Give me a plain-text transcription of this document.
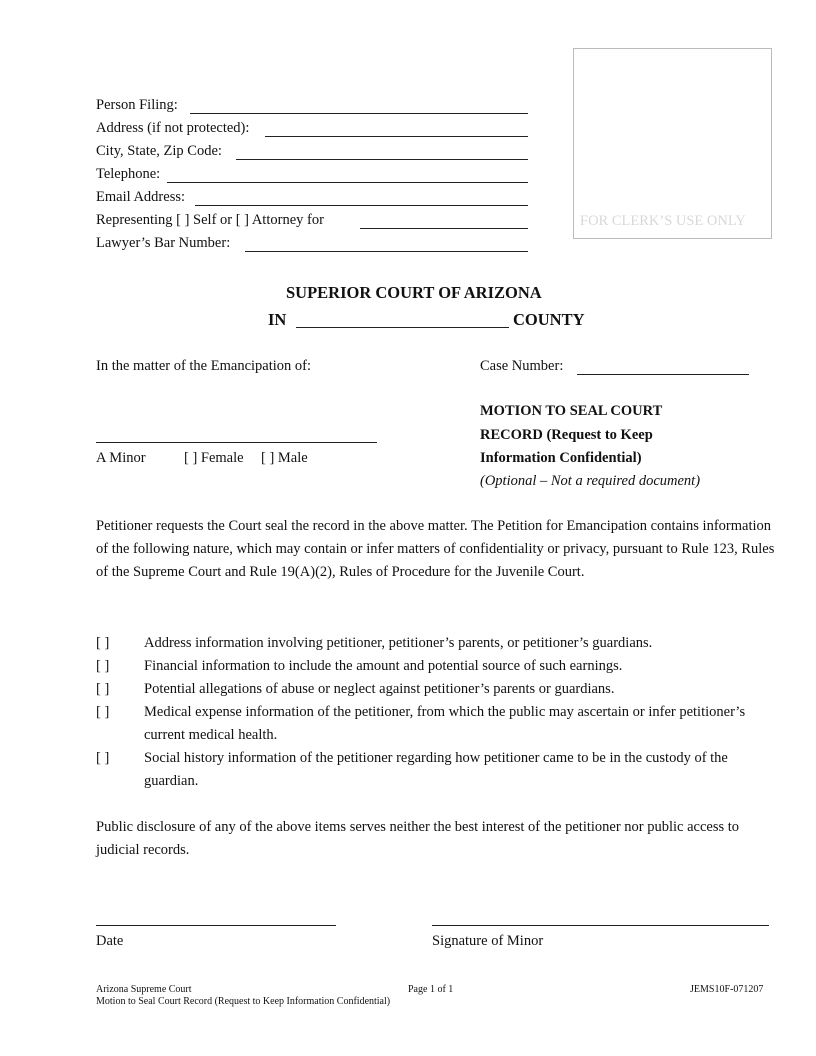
FOR CLERK’S USE ONLY
Person Filing:
Address (if not protected):
City, State, Zip Code:
Telephone:
Email Address:
Representing [ ] Self or [ ] Attorney for
Lawyer’s Bar Number:
SUPERIOR COURT OF ARIZONA
IN	COUNTY
In the matter of the Emancipation of:	Case Number:
A Minor	[ ] Female [ ] Male
MOTION TO SEAL COURT
RECORD (Request to Keep
Information Confidential)
(Optional – Not a required document)
Petitioner requests the Court seal the record in the above matter. The Petition for Emancipation contains information of the following nature, which may contain or infer matters of confidentiality or privacy, pursuant to Rule 123, Rules of the Supreme Court and Rule 19(A)(2), Rules of Procedure for the Juvenile Court.
[ ] Address information involving petitioner, petitioner’s parents, or petitioner’s guardians.
[ ] Financial information to include the amount and potential source of such earnings.
[ ] Potential allegations of abuse or neglect against petitioner’s parents or guardians.
[ ] Medical expense information of the petitioner, from which the public may ascertain or infer petitioner’s current medical health.
[ ] Social history information of the petitioner regarding how petitioner came to be in the custody of the guardian.
Public disclosure of any of the above items serves neither the best interest of the petitioner nor public access to judicial records.
Date	Signature of Minor
Arizona Supreme Court
Motion to Seal Court Record (Request to Keep Information Confidential)
Page 1 of 1	JEMS10F-071207
